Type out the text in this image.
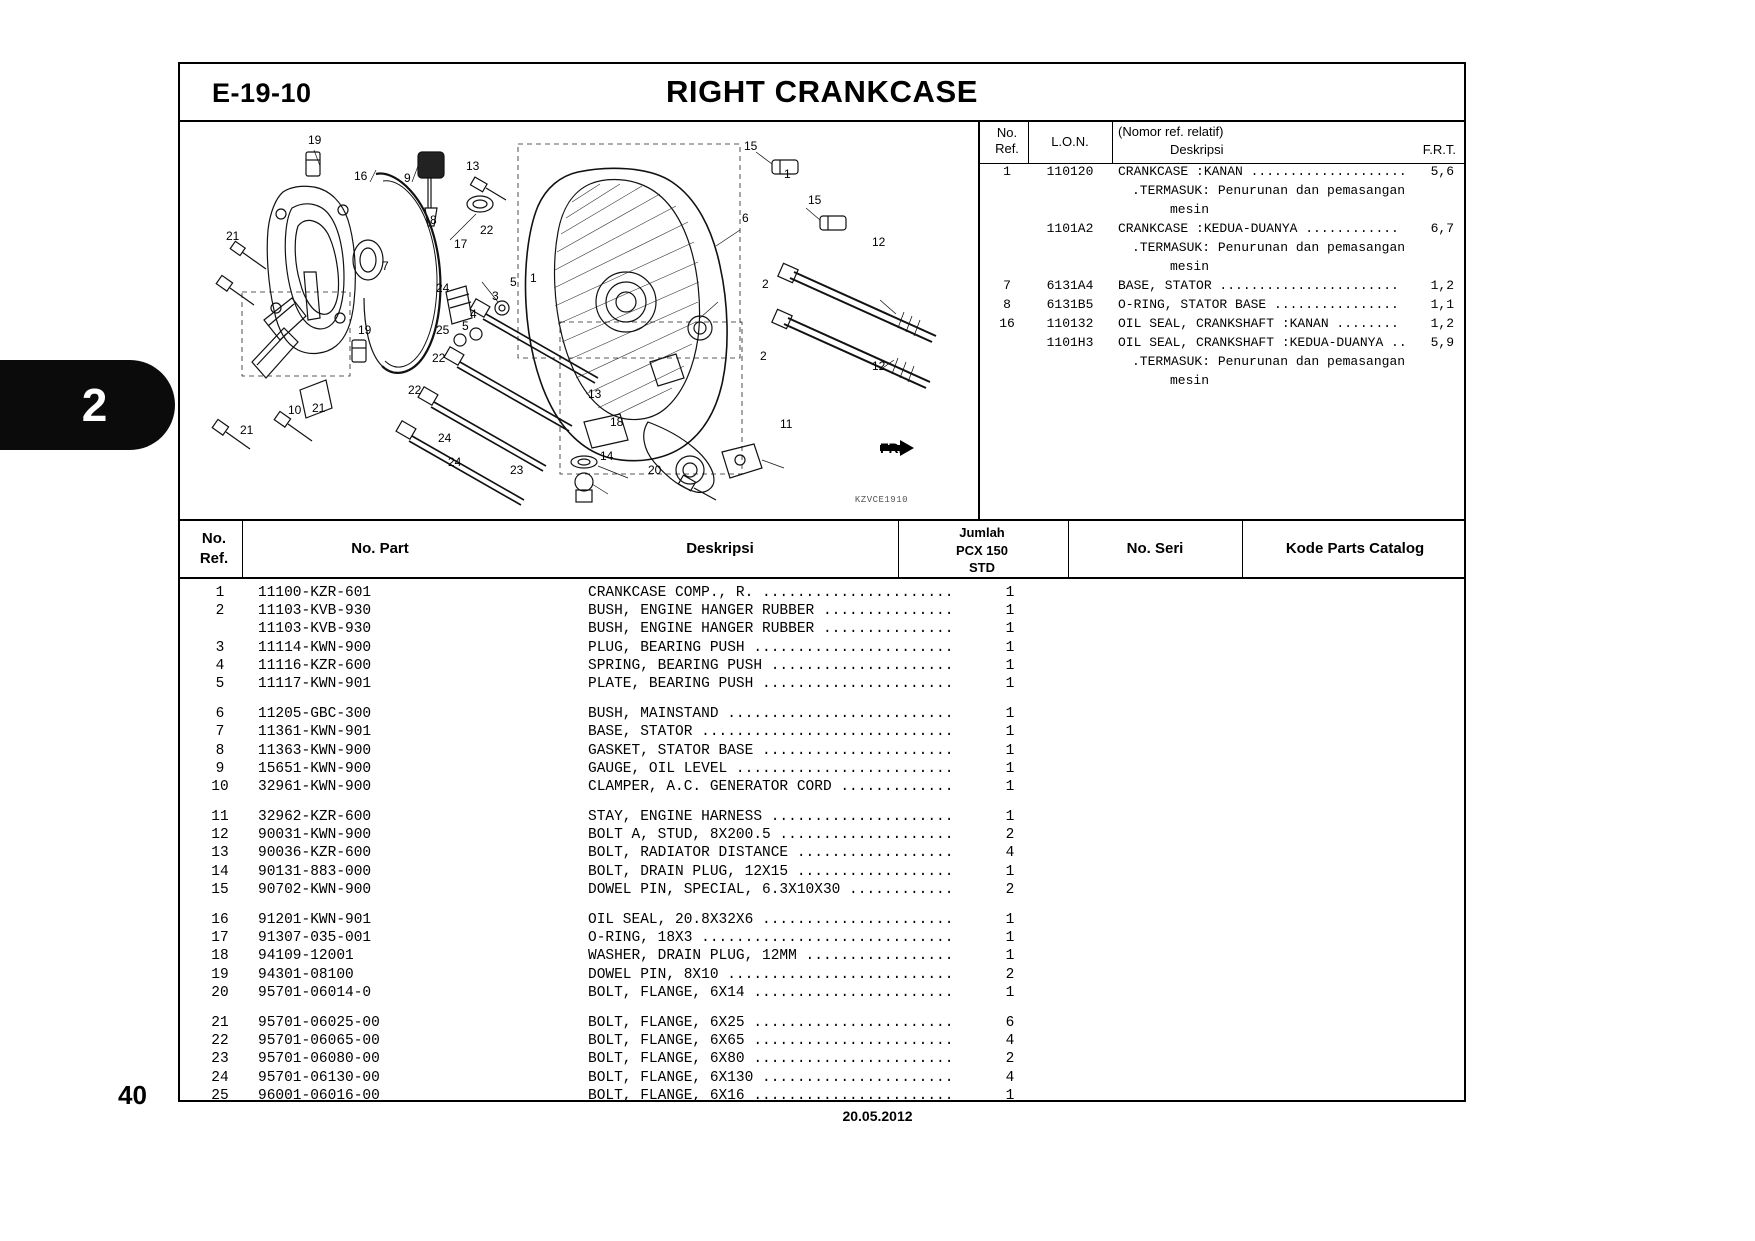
2
40
E-19-10	RIGHT CRANKCASE
19
21
16	9
13
15
1
15
8
22
17	12
7
19
24	2
6
1
5
3
4
25 5
22
22	13
12
18
24
24
23
14
20
11
10 21
21
2
KZVCE1910
No.
Ref.	L.O.N.
(Nomor ref. relatif)
Deskripsi	F.R.T.
1	110120	CRANKCASE :KANAN .................... 5,6
.TERMASUK: Penurunan dan pemasangan
mesin
1101A2	CRANKCASE :KEDUA-DUANYA ............ 6,7
.TERMASUK: Penurunan dan pemasangan
mesin
7	6131A4	BASE, STATOR ....................... 1,2
8	6131B5	O-RING, STATOR BASE ................ 1,1
16	110132	OIL SEAL, CRANKSHAFT :KANAN ........ 1,2
1101H3	OIL SEAL, CRANKSHAFT :KEDUA-DUANYA .. 5,9
.TERMASUK: Penurunan dan pemasangan
mesin
No.
Ref.
No. Part	Deskripsi
Jumlah
PCX 150
STD
No. Seri	Kode Parts Catalog
1	11100-KZR-601	CRANKCASE COMP., R. ......................	1
2	11103-KVB-930	BUSH, ENGINE HANGER RUBBER ...............	1
11103-KVB-930	BUSH, ENGINE HANGER RUBBER ...............	1
3	11114-KWN-900	PLUG, BEARING PUSH .......................	1
4	11116-KZR-600	SPRING, BEARING PUSH .....................	1
5	11117-KWN-901	PLATE, BEARING PUSH ......................	1
6	11205-GBC-300	BUSH, MAINSTAND ..........................	1
7	11361-KWN-901	BASE, STATOR .............................	1
8	11363-KWN-900	GASKET, STATOR BASE ......................	1
9	15651-KWN-900	GAUGE, OIL LEVEL .........................	1
10	32961-KWN-900	CLAMPER, A.C. GENERATOR CORD .............	1
11	32962-KZR-600	STAY, ENGINE HARNESS .....................	1
12	90031-KWN-900	BOLT A, STUD, 8X200.5 ....................	2
13	90036-KZR-600	BOLT, RADIATOR DISTANCE ..................	4
14	90131-883-000	BOLT, DRAIN PLUG, 12X15 ..................	1
15	90702-KWN-900	DOWEL PIN, SPECIAL, 6.3X10X30 ............	2
16	91201-KWN-901	OIL SEAL, 20.8X32X6 ......................	1
17	91307-035-001	O-RING, 18X3 .............................	1
18	94109-12001	WASHER, DRAIN PLUG, 12MM .................	1
19	94301-08100	DOWEL PIN, 8X10 ..........................	2
20	95701-06014-0	BOLT, FLANGE, 6X14 .......................	1
21	95701-06025-00	BOLT, FLANGE, 6X25 .......................	6
22	95701-06065-00	BOLT, FLANGE, 6X65 .......................	4
23	95701-06080-00	BOLT, FLANGE, 6X80 .......................	2
24	95701-06130-00	BOLT, FLANGE, 6X130 ......................	4
25	96001-06016-00	BOLT, FLANGE, 6X16 .......................	1
20.05.2012
